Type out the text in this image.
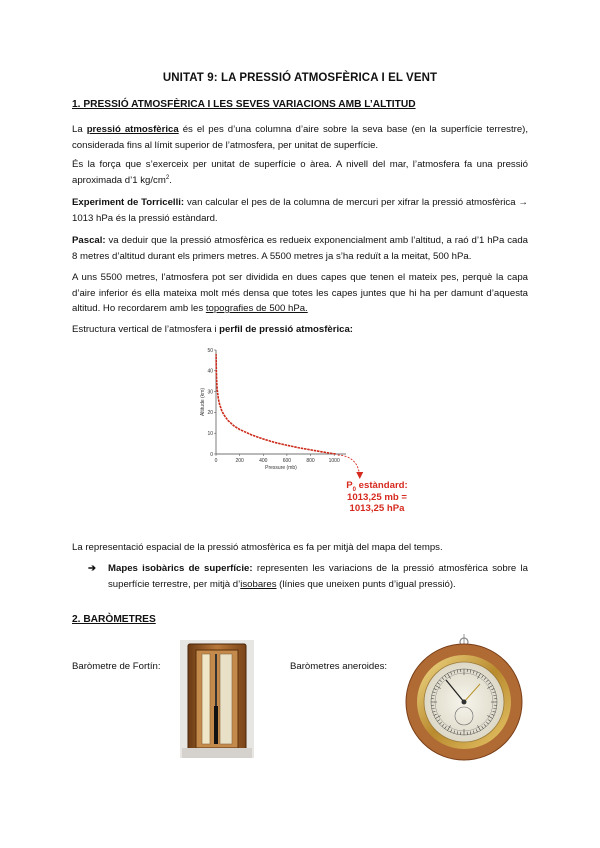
UNITAT 9: LA PRESSIÓ ATMOSFÈRICA I EL VENT
1. PRESSIÓ ATMOSFÈRICA I LES SEVES VARIACIONS AMB L’ALTITUD
La pressió atmosfèrica és el pes d’una columna d’aire sobre la seva base (en la superfície terrestre), considerada fins al límit superior de l’atmosfera, per unitat de superfície.
És la força que s’exerceix per unitat de superfície o àrea. A nivell del mar, l’atmosfera fa una pressió aproximada d’1 $kg/cm^2$.
Experiment de Torricelli: van calcular el pes de la columna de mercuri per xifrar la pressió atmosfèrica → 1013 hPa és la pressió estàndard.
Pascal: va deduir que la pressió atmosfèrica es redueix exponencialment amb l’altitud, a raó d’1 hPa cada 8 metres d’altitud durant els primers metres. A 5500 metres ja s’ha reduït a la meitat, 500 hPa.
A uns 5500 metres, l’atmosfera pot ser dividida en dues capes que tenen el mateix pes, perquè la capa d’aire inferior és ella mateixa molt més densa que totes les capes juntes que hi ha per damunt d’aquesta altitud. Ho recordarem amb les topografies de 500 hPa.
Estructura vertical de l’atmosfera i perfil de pressió atmosfèrica:
0	200	400	600	800	1000
0
10
20
30
40
50
Pressure (mb)
Altitude (km)
$P_0$ estàndard:
1013,25 mb =
1013,25 hPa
La representació espacial de la pressió atmosfèrica es fa per mitjà del mapa del temps.
➔ Mapes isobàrics de superfície: representen les variacions de la pressió atmosfèrica sobre la superfície terrestre, per mitjà d’isobares (línies que uneixen punts d’igual pressió).
2. BARÒMETRES
Baròmetre de Fortín:	Baròmetres aneroides:
